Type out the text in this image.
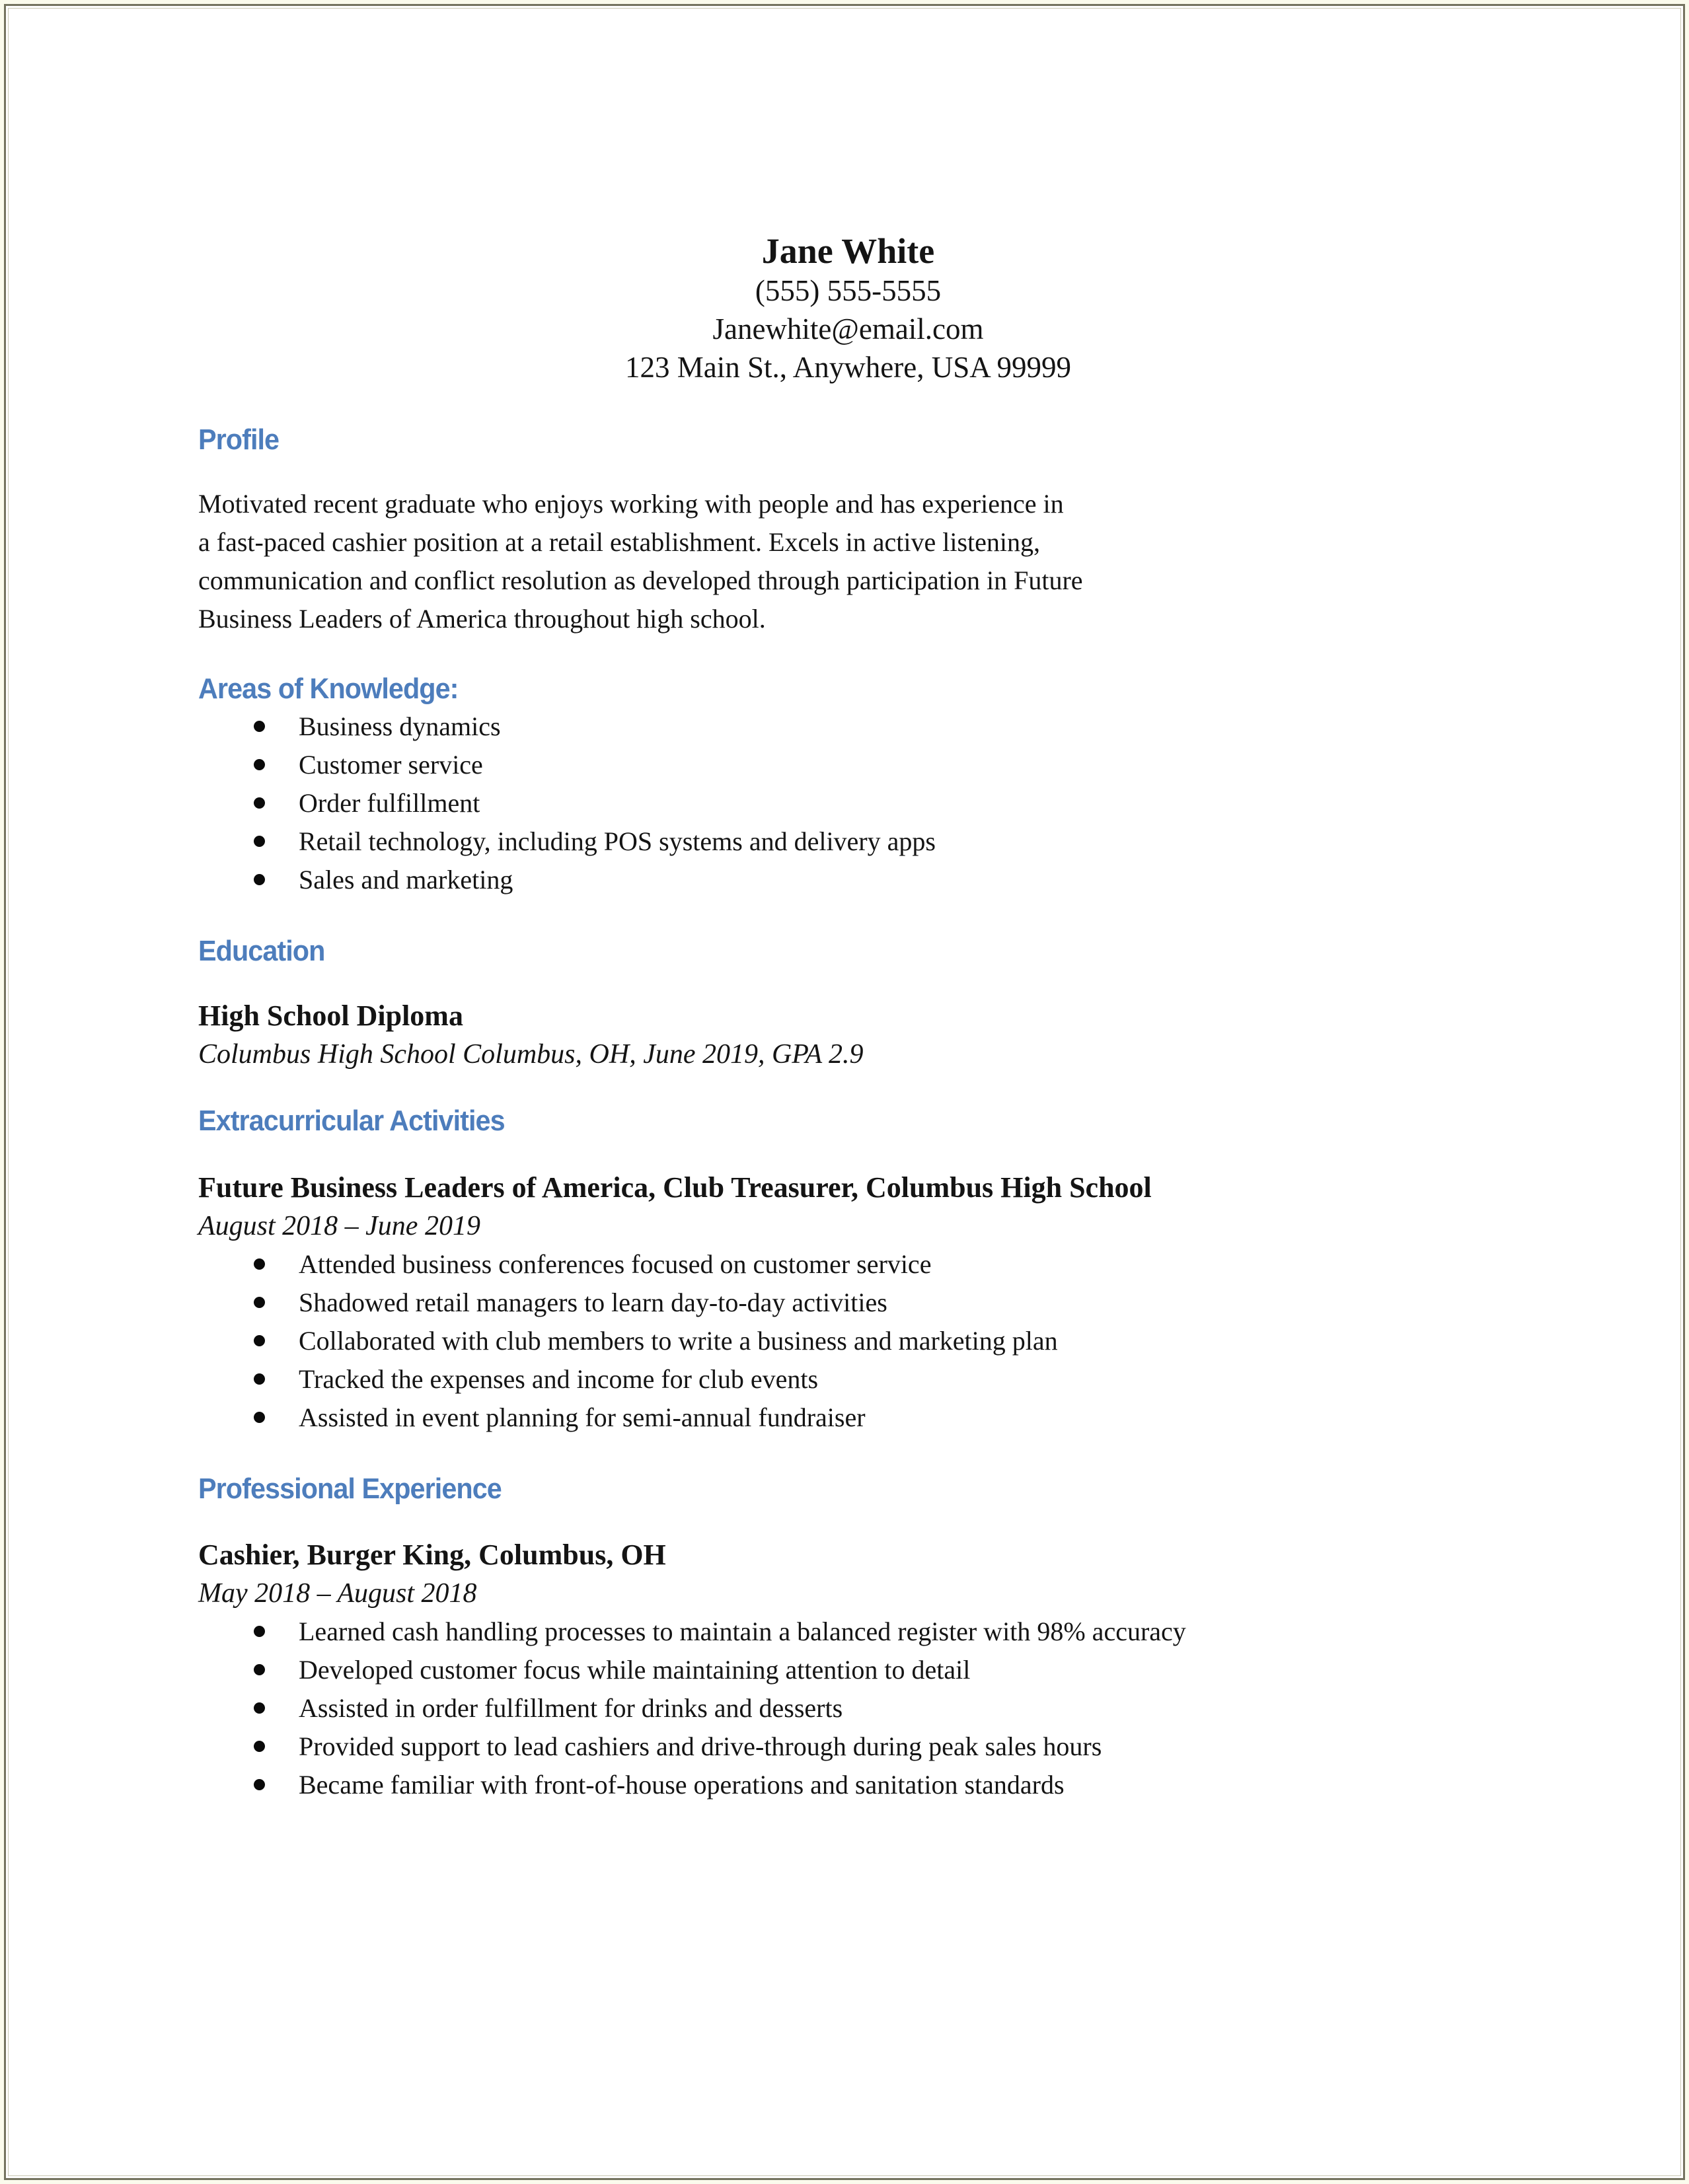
Jane White
(555) 555-5555
Janewhite@email.com
123 Main St., Anywhere, USA 99999
Profile

Motivated recent graduate who enjoys working with people and has experience in
a fast-paced cashier position at a retail establishment. Excels in active listening,
communication and conflict resolution as developed through participation in Future
Business Leaders of America throughout high school.

Areas of Knowledge:
Business dynamics
Customer service
Order fulfillment
Retail technology, including POS systems and delivery apps
Sales and marketing
Education
High School Diploma
Columbus High School Columbus, OH, June 2019, GPA 2.9
Extracurricular Activities
Future Business Leaders of America, Club Treasurer, Columbus High School
August 2018 – June 2019
Attended business conferences focused on customer service
Shadowed retail managers to learn day-to-day activities
Collaborated with club members to write a business and marketing plan
Tracked the expenses and income for club events
Assisted in event planning for semi-annual fundraiser
Professional Experience
Cashier, Burger King, Columbus, OH
May 2018 – August 2018
Learned cash handling processes to maintain a balanced register with 98% accuracy
Developed customer focus while maintaining attention to detail
Assisted in order fulfillment for drinks and desserts
Provided support to lead cashiers and drive-through during peak sales hours
Became familiar with front-of-house operations and sanitation standards
